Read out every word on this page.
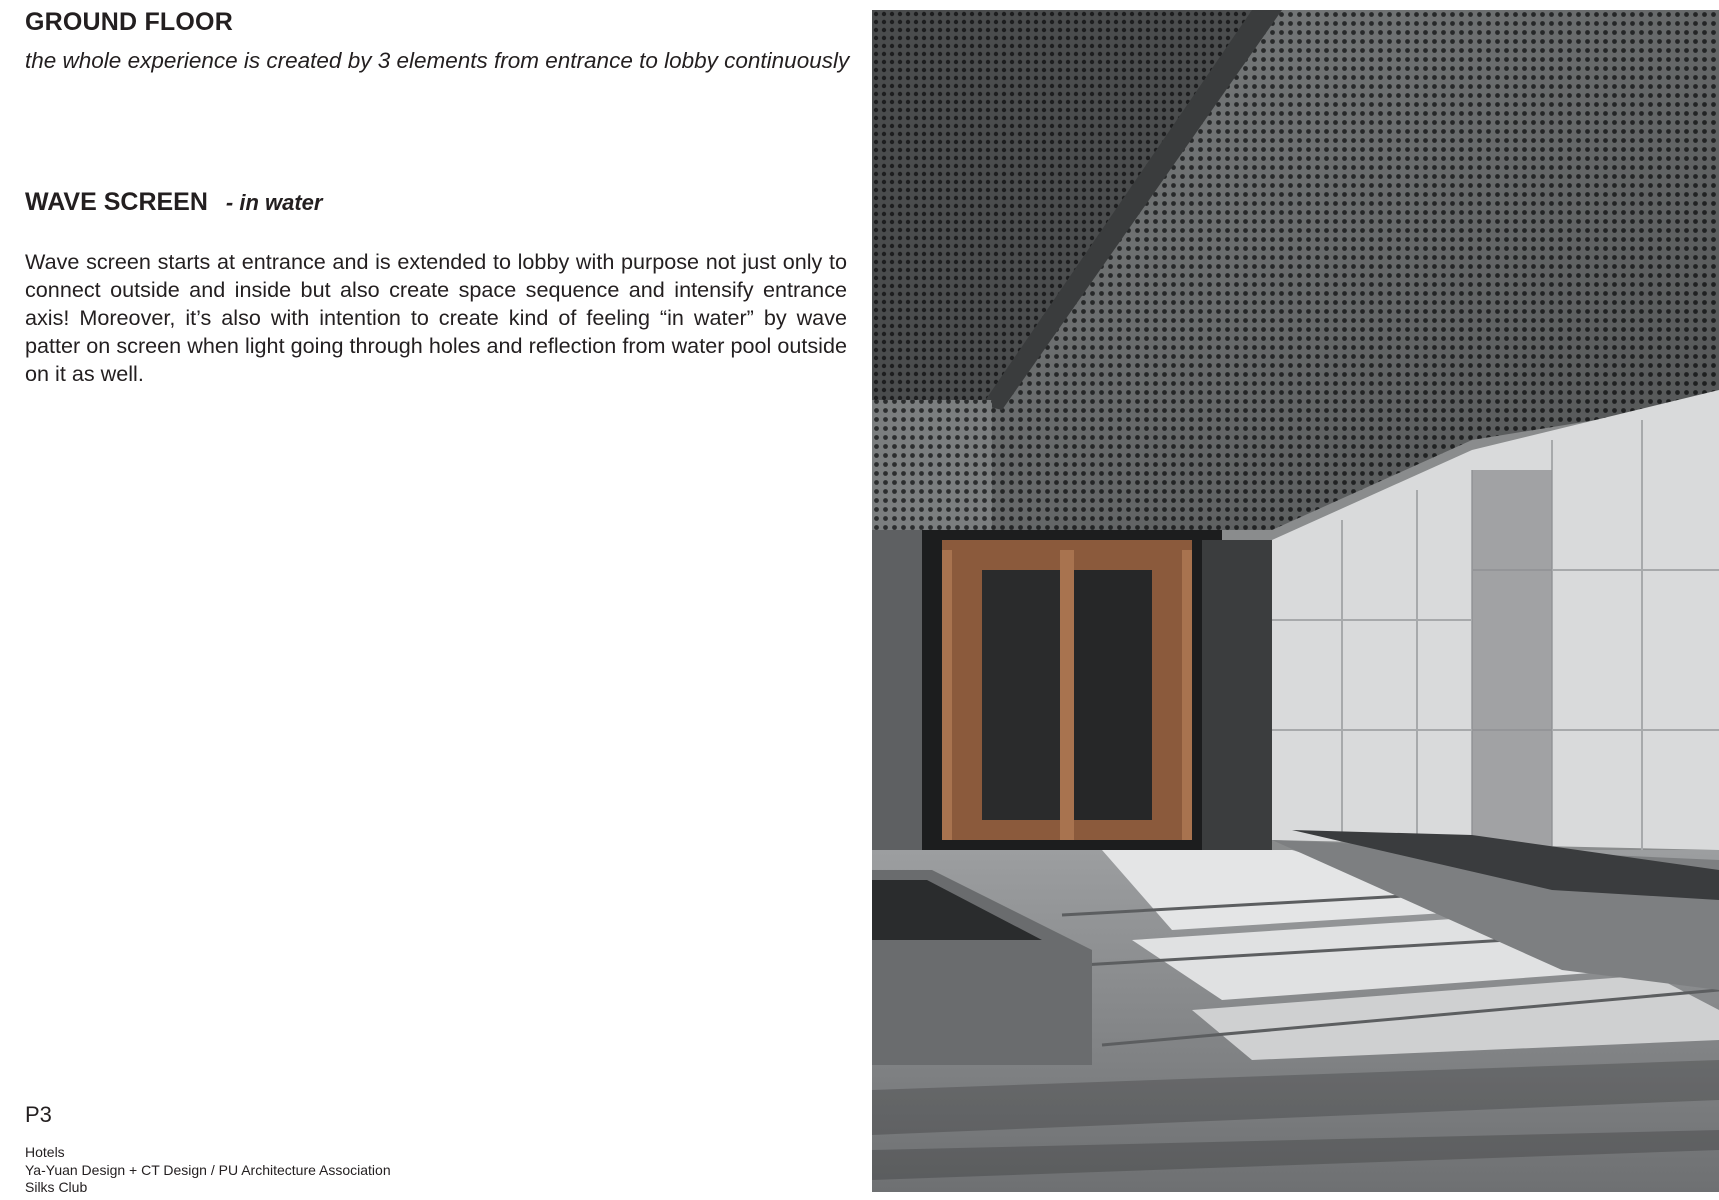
GROUND FLOOR

the whole experience is created by 3 elements from entrance to lobby continuously

WAVE SCREEN - in water

Wave screen starts at entrance and is extended to lobby with purpose not just only to connect outside and inside but also create space sequence and intensify entrance axis! Moreover, it’s also with intention to create kind of feeling “in water” by wave patter on screen when light going through holes and reflection from water pool outside on it as well.

P3

Hotels
Ya-Yuan Design + CT Design / PU Architecture Association
Silks Club
